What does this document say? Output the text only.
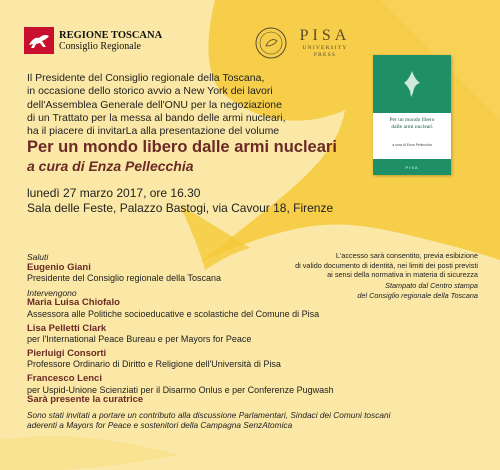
REGIONE TOSCANA
Consiglio Regionale
PISA
UNIVERSITY
PRESS
Il Presidente del Consiglio regionale della Toscana,
in occasione dello storico avvio a New York dei lavori
dell'Assemblea Generale dell'ONU per la negoziazione
di un Trattato per la messa al bando delle armi nucleari,
ha il piacere di invitarLa alla presentazione del volume
Per un mondo libero dalle armi nucleari
a cura di Enza Pellecchia
lunedì 27 marzo 2017, ore 16.30
Sala delle Feste, Palazzo Bastogi, via Cavour 18, Firenze
Per un mondo libero
dalle armi nucleari
a cura di Enza Pellecchia
PISA
L'accesso sarà consentito, previa esibizione
di valido documento di identità, nei limiti dei posti previsti
ai sensi della normativa in materia di sicurezza
Stampato dal Centro stampa
del Consiglio regionale della Toscana
Saluti
Eugenio Giani
Presidente del Consiglio regionale della Toscana
Intervengono
Maria Luisa Chiofalo
Assessora alle Politiche socioeducative e scolastiche del Comune di Pisa
Lisa Pelletti Clark
per l'International Peace Bureau e per Mayors for Peace
Pierluigi Consorti
Professore Ordinario di Diritto e Religione dell'Università di Pisa
Francesco Lenci
per Uspid-Unione Scienziati per il Disarmo Onlus e per Conferenze Pugwash
Sarà presente la curatrice
Sono stati invitati a portare un contributo alla discussione Parlamentari, Sindaci dei Comuni toscani
aderenti a Mayors for Peace e sostenitori della Campagna SenzAtomica
